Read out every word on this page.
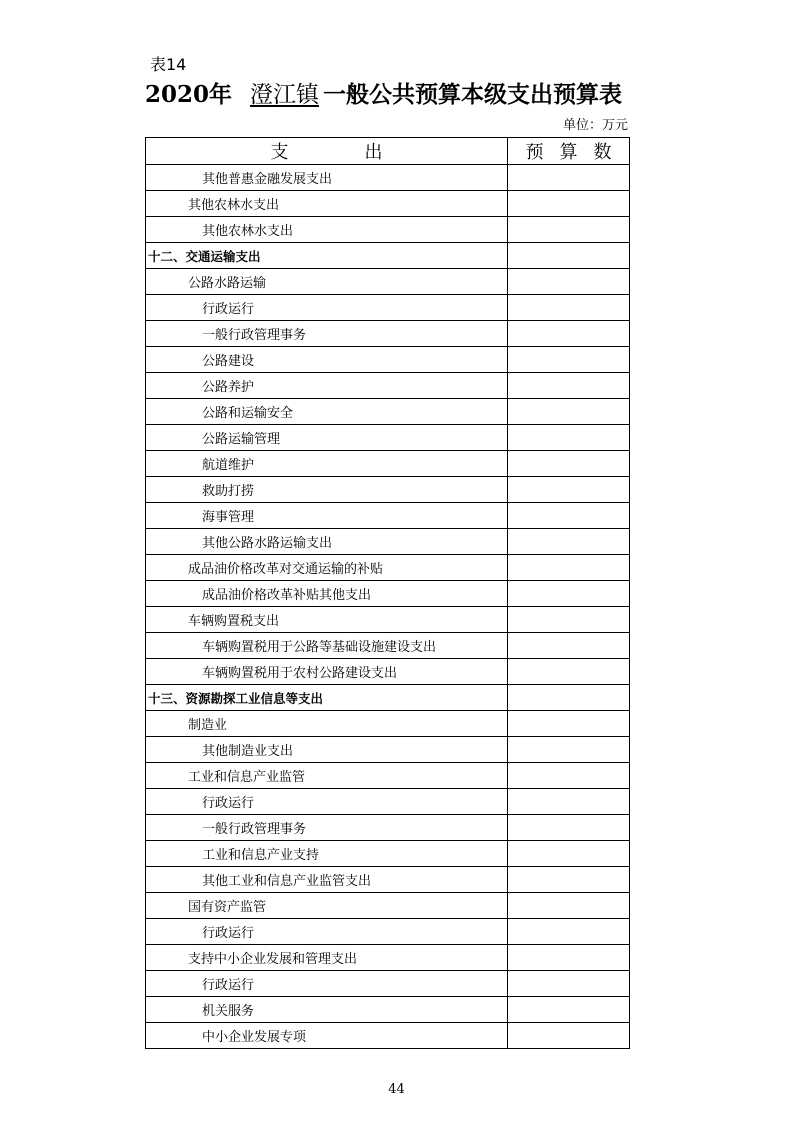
表14
2020年 澄江镇 一般公共预算本级支出预算表
单位：万元
支出	预算数
其他普惠金融发展支出	
其他农林水支出	
其他农林水支出	
十二、交通运输支出	
公路水路运输	
行政运行	
一般行政管理事务	
公路建设	
公路养护	
公路和运输安全	
公路运输管理	
航道维护	
救助打捞	
海事管理	
其他公路水路运输支出	
成品油价格改革对交通运输的补贴	
成品油价格改革补贴其他支出	
车辆购置税支出	
车辆购置税用于公路等基础设施建设支出	
车辆购置税用于农村公路建设支出	
十三、资源勘探工业信息等支出	
制造业	
其他制造业支出	
工业和信息产业监管	
行政运行	
一般行政管理事务	
工业和信息产业支持	
其他工业和信息产业监管支出	
国有资产监管	
行政运行	
支持中小企业发展和管理支出	
行政运行	
机关服务	
中小企业发展专项	
44
